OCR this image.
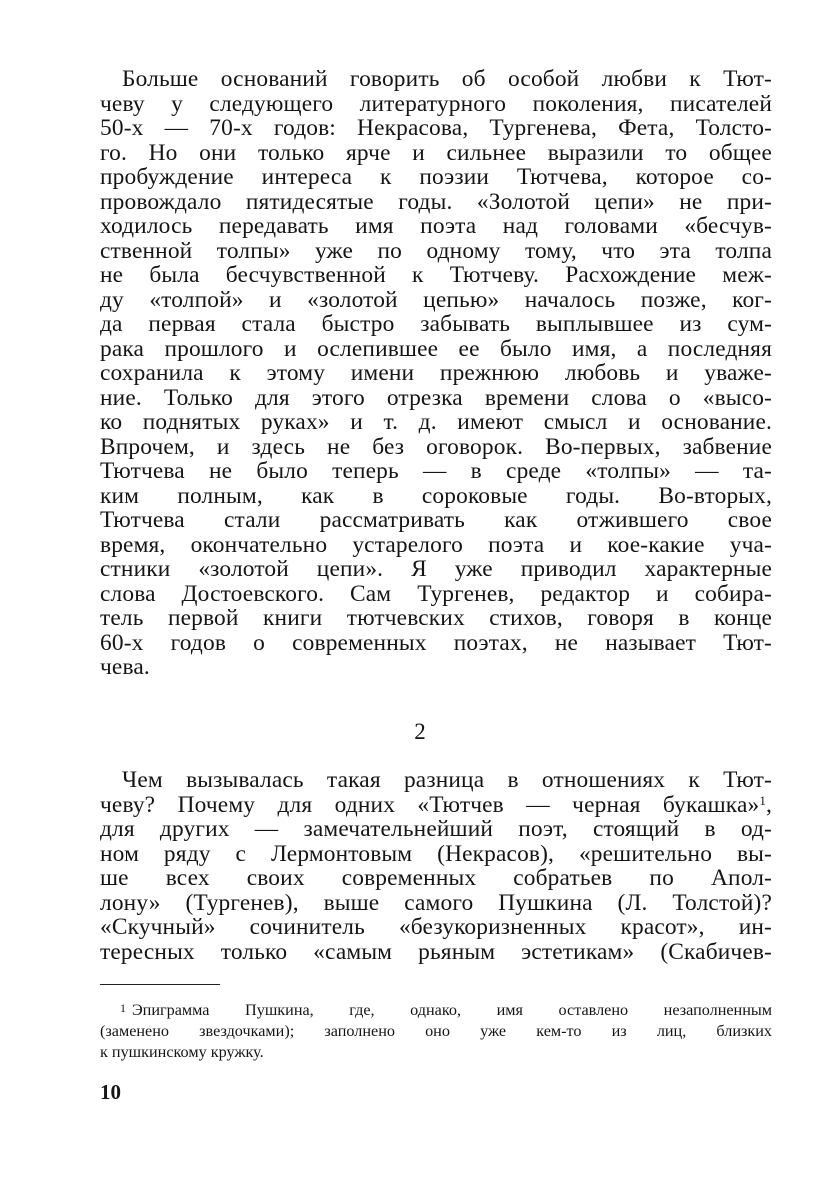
Больше оснований говорить об особой любви к Тют-
чеву у следующего литературного поколения, писателей
50-х — 70-х годов: Некрасова, Тургенева, Фета, Толсто-
го. Но они только ярче и сильнее выразили то общее
пробуждение интереса к поэзии Тютчева, которое со-
провождало пятидесятые годы. «Золотой цепи» не при-
ходилось передавать имя поэта над головами «бесчув-
ственной толпы» уже по одному тому, что эта толпа
не была бесчувственной к Тютчеву. Расхождение меж-
ду «толпой» и «золотой цепью» началось позже, ког-
да первая стала быстро забывать выплывшее из сум-
рака прошлого и ослепившее ее было имя, а последняя
сохранила к этому имени прежнюю любовь и уваже-
ние. Только для этого отрезка времени слова о «высо-
ко поднятых руках» и т. д. имеют смысл и основание.
Впрочем, и здесь не без оговорок. Во-первых, забвение
Тютчева не было теперь — в среде «толпы» — та-
ким полным, как в сороковые годы. Во-вторых,
Тютчева стали рассматривать как отжившего свое
время, окончательно устарелого поэта и кое-какие уча-
стники «золотой цепи». Я уже приводил характерные
слова Достоевского. Сам Тургенев, редактор и собира-
тель первой книги тютчевских стихов, говоря в конце
60-х годов о современных поэтах, не называет Тют-
чева.
2
Чем вызывалась такая разница в отношениях к Тют-
чеву? Почему для одних «Тютчев — черная букашка»$^1$,
для других — замечательнейший поэт, стоящий в од-
ном ряду с Лермонтовым (Некрасов), «решительно вы-
ше всех своих современных собратьев по Апол-
лону» (Тургенев), выше самого Пушкина (Л. Толстой)?
«Скучный» сочинитель «безукоризненных красот», ин-
тересных только «самым рьяным эстетикам» (Скабичев-
$^1$ Эпиграмма Пушкина, где, однако, имя оставлено незаполненным
(заменено звездочками); заполнено оно уже кем-то из лиц, близких
к пушкинскому кружку.
10
